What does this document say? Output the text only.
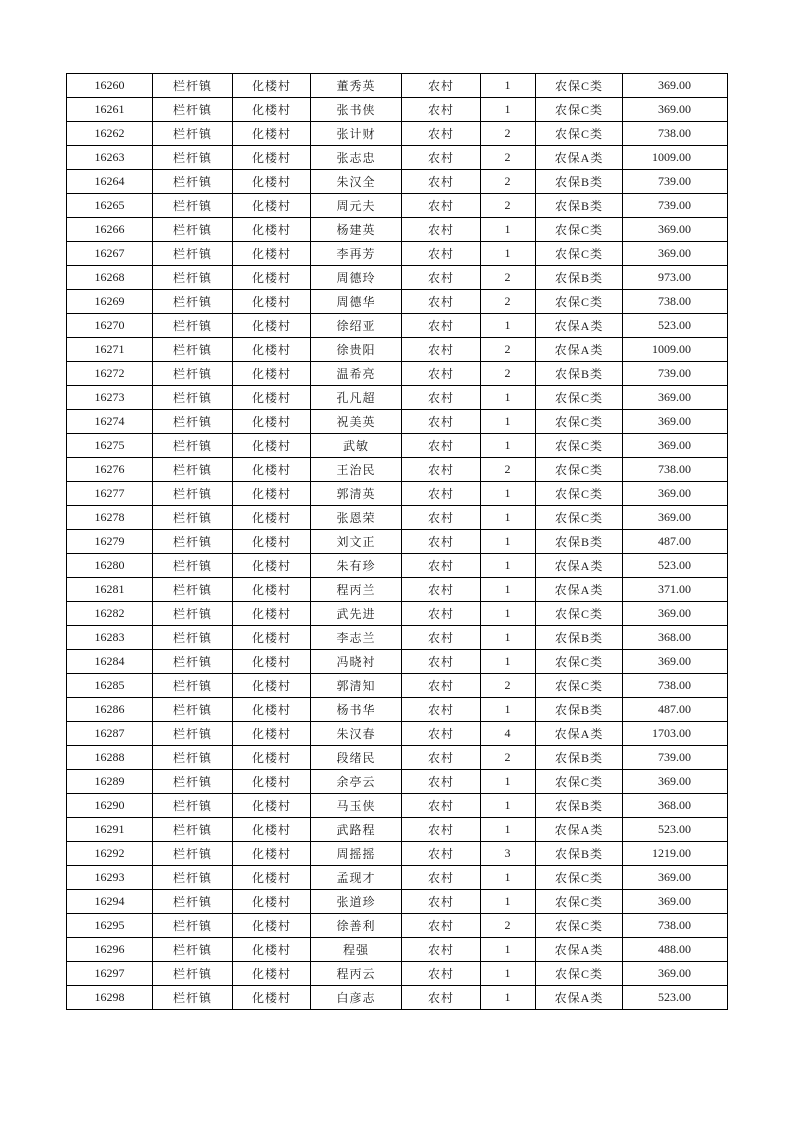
16260	栏杆镇	化楼村	董秀英	农村	1	农保C类	369.00
16261	栏杆镇	化楼村	张书侠	农村	1	农保C类	369.00
16262	栏杆镇	化楼村	张计财	农村	2	农保C类	738.00
16263	栏杆镇	化楼村	张志忠	农村	2	农保A类	1009.00
16264	栏杆镇	化楼村	朱汉全	农村	2	农保B类	739.00
16265	栏杆镇	化楼村	周元夫	农村	2	农保B类	739.00
16266	栏杆镇	化楼村	杨建英	农村	1	农保C类	369.00
16267	栏杆镇	化楼村	李再芳	农村	1	农保C类	369.00
16268	栏杆镇	化楼村	周德玲	农村	2	农保B类	973.00
16269	栏杆镇	化楼村	周德华	农村	2	农保C类	738.00
16270	栏杆镇	化楼村	徐绍亚	农村	1	农保A类	523.00
16271	栏杆镇	化楼村	徐贵阳	农村	2	农保A类	1009.00
16272	栏杆镇	化楼村	温希亮	农村	2	农保B类	739.00
16273	栏杆镇	化楼村	孔凡超	农村	1	农保C类	369.00
16274	栏杆镇	化楼村	祝美英	农村	1	农保C类	369.00
16275	栏杆镇	化楼村	武敏	农村	1	农保C类	369.00
16276	栏杆镇	化楼村	王治民	农村	2	农保C类	738.00
16277	栏杆镇	化楼村	郭清英	农村	1	农保C类	369.00
16278	栏杆镇	化楼村	张恩荣	农村	1	农保C类	369.00
16279	栏杆镇	化楼村	刘文正	农村	1	农保B类	487.00
16280	栏杆镇	化楼村	朱有珍	农村	1	农保A类	523.00
16281	栏杆镇	化楼村	程丙兰	农村	1	农保A类	371.00
16282	栏杆镇	化楼村	武先进	农村	1	农保C类	369.00
16283	栏杆镇	化楼村	李志兰	农村	1	农保B类	368.00
16284	栏杆镇	化楼村	冯晓衬	农村	1	农保C类	369.00
16285	栏杆镇	化楼村	郭清知	农村	2	农保C类	738.00
16286	栏杆镇	化楼村	杨书华	农村	1	农保B类	487.00
16287	栏杆镇	化楼村	朱汉春	农村	4	农保A类	1703.00
16288	栏杆镇	化楼村	段绪民	农村	2	农保B类	739.00
16289	栏杆镇	化楼村	余亭云	农村	1	农保C类	369.00
16290	栏杆镇	化楼村	马玉侠	农村	1	农保B类	368.00
16291	栏杆镇	化楼村	武路程	农村	1	农保A类	523.00
16292	栏杆镇	化楼村	周摇摇	农村	3	农保B类	1219.00
16293	栏杆镇	化楼村	孟现才	农村	1	农保C类	369.00
16294	栏杆镇	化楼村	张道珍	农村	1	农保C类	369.00
16295	栏杆镇	化楼村	徐善利	农村	2	农保C类	738.00
16296	栏杆镇	化楼村	程强	农村	1	农保A类	488.00
16297	栏杆镇	化楼村	程丙云	农村	1	农保C类	369.00
16298	栏杆镇	化楼村	白彦志	农村	1	农保A类	523.00
